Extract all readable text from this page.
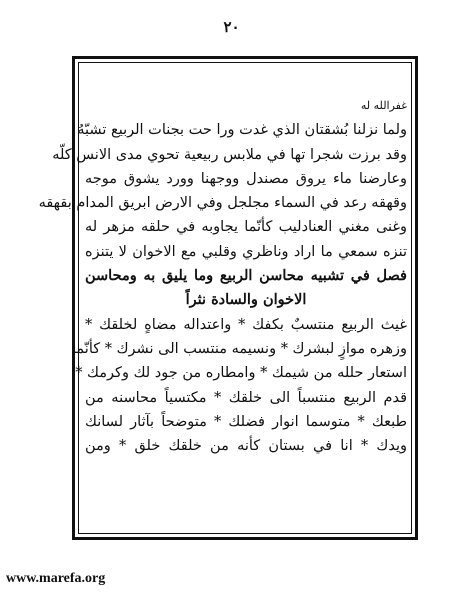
٢٠
غفرالله له
ولما نزلنا بُشقتان الذي غدت ورا حت بجنات الربيع تشبّهُ
وقد برزت شجرا تها في ملابس ربيعية تحوي مدى الانس كلّه
وعارضنا ماء يروق مصندل ووجهنا وورد يشوق موجه
وقهقه رعد في السماء مجلجل وفي الارض ابريق المدام بقهقه
وغنى مغني العنادليب كأنّما يجاوبه في حلقه مزهر له
تنزه سمعي ما اراد وناظري وقلبي مع الاخوان لا يتنزه
فصل في تشبيه محاسن الربيع وما يليق به ومحاسن
الاخوان والسادة نثراً
غيث الربيع منتسبٌ بكفك * واعتداله مضاهٍ لخلقك *
وزهره موازٍ لبشرك * ونسيمه منتسب الى نشرك * كأنّما
استعار حلله من شيمك * وامطاره من جود لك وكرمك *
قدم الربيع منتسباً الى خلقك * مكتسياً محاسنه من
طبعك * متوسما انوار فضلك * متوضحاً بآثار لسانك
ويدك * انا في بستان كأنه من خلقك خلق * ومن
www.marefa.org
